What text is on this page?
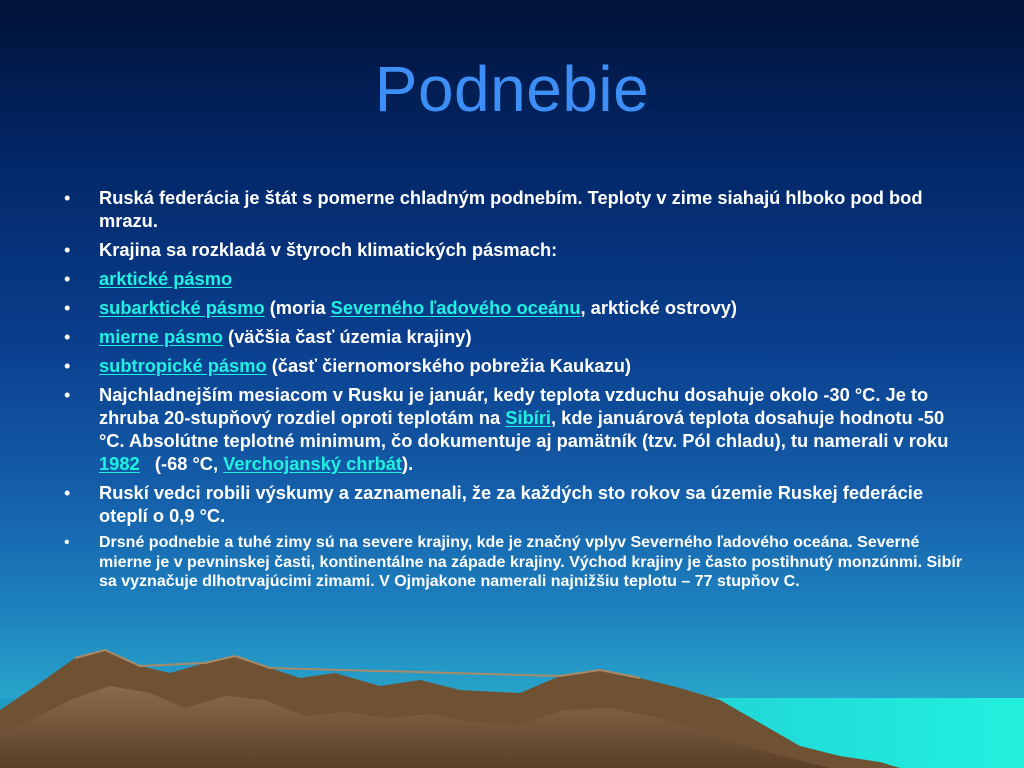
Podnebie
• Ruská federácia je štát s pomerne chladným podnebím. Teploty v zime siahajú hlboko pod bod mrazu.
• Krajina sa rozkladá v štyroch klimatických pásmach:
• arktické pásmo
• subarktické pásmo (moria Severného ľadového oceánu, arktické ostrovy)
• mierne pásmo (väčšia časť územia krajiny)
• subtropické pásmo (časť čiernomorského pobrežia Kaukazu)
• Najchladnejším mesiacom v Rusku je január, kedy teplota vzduchu dosahuje okolo -30 °C. Je to zhruba 20-stupňový rozdiel oproti teplotám na Sibíri, kde januárová teplota dosahuje hodnotu -50 °C. Absolútne teplotné minimum, čo dokumentuje aj pamätník (tzv. Pól chladu), tu namerali v roku 1982   (-68 °C, Verchojanský chrbát).
• Ruskí vedci robili výskumy a zaznamenali, že za každých sto rokov sa územie Ruskej federácie oteplí o 0,9 °C.
• Drsné podnebie a tuhé zimy sú na severe krajiny, kde je značný vplyv Severného ľadového oceána. Severné mierne je v pevninskej časti, kontinentálne na západe krajiny. Východ krajiny je často postihnutý monzúnmi. Sibír sa vyznačuje dlhotrvajúcimi zimami. V Ojmjakone namerali najnižšiu teplotu – 77 stupňov C.
